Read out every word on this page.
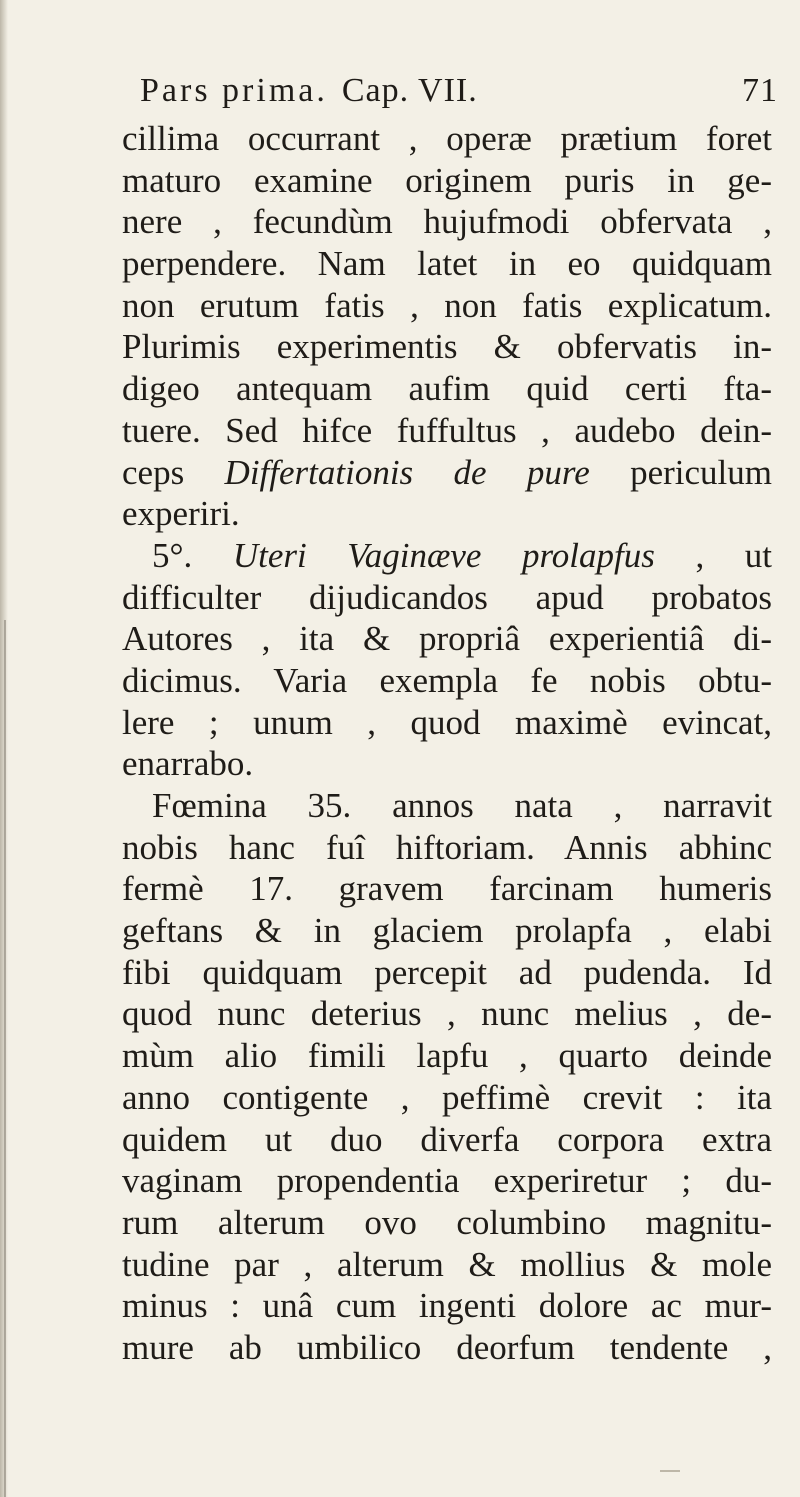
Pars prima. Cap. VII.	71
cillima occurrant , operæ prætium foret
maturo examine originem puris in ge-
nere , fecundùm hujufmodi obfervata ,
perpendere. Nam latet in eo quidquam
non erutum fatis , non fatis explicatum.
Plurimis experimentis & obfervatis in-
digeo antequam aufim quid certi fta-
tuere. Sed hifce fuffultus , audebo dein-
ceps Differtationis de pure periculum
experiri.
5°. Uteri Vaginæve prolapfus , ut
difficulter dijudicandos apud probatos
Autores , ita & propriâ experientiâ di-
dicimus. Varia exempla fe nobis obtu-
lere ; unum , quod maximè evincat,
enarrabo.
Fœmina 35. annos nata , narravit
nobis hanc fuî hiftoriam. Annis abhinc
fermè 17. gravem farcinam humeris
geftans & in glaciem prolapfa , elabi
fibi quidquam percepit ad pudenda. Id
quod nunc deterius , nunc melius , de-
mùm alio fimili lapfu , quarto deinde
anno contigente , peffimè crevit : ita
quidem ut duo diverfa corpora extra
vaginam propendentia experiretur ; du-
rum alterum ovo columbino magnitu-
tudine par , alterum & mollius & mole
minus : unâ cum ingenti dolore ac mur-
mure ab umbilico deorfum tendente ,
